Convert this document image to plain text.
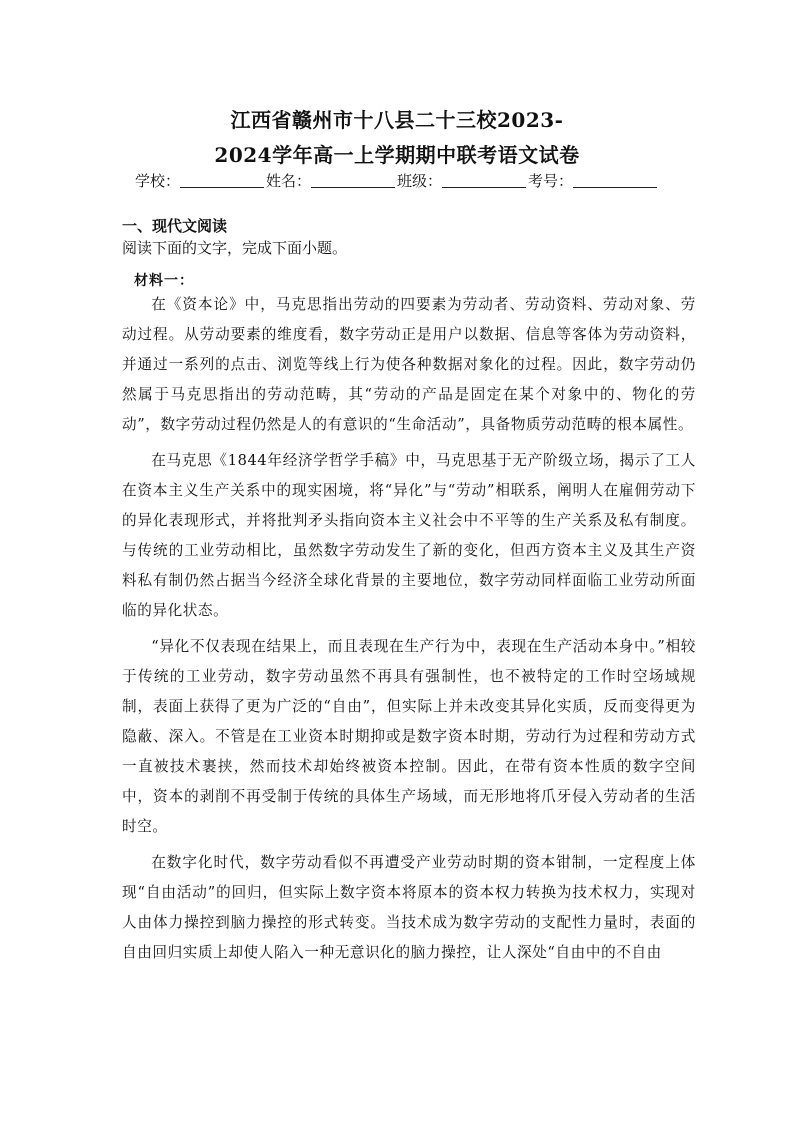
江西省赣州市十八县二十三校2023-
2024学年高一上学期期中联考语文试卷
学校：	姓名：	班级：	考号：
一、现代文阅读
阅读下面的文字，完成下面小题。
材料一：

在《资本论》中，马克思指出劳动的四要素为劳动者、劳动资料、劳动对象、劳动过程。从劳动要素的维度看，数字劳动正是用户以数据、信息等客体为劳动资料，并通过一系列的点击、浏览等线上行为使各种数据对象化的过程。因此，数字劳动仍然属于马克思指出的劳动范畴，其“劳动的产品是固定在某个对象中的、物化的劳动”，数字劳动过程仍然是人的有意识的“生命活动”，具备物质劳动范畴的根本属性。

在马克思《1844年经济学哲学手稿》中，马克思基于无产阶级立场，揭示了工人在资本主义生产关系中的现实困境，将“异化”与“劳动”相联系，阐明人在雇佣劳动下的异化表现形式，并将批判矛头指向资本主义社会中不平等的生产关系及私有制度。与传统的工业劳动相比，虽然数字劳动发生了新的变化，但西方资本主义及其生产资料私有制仍然占据当今经济全球化背景的主要地位，数字劳动同样面临工业劳动所面临的异化状态。

“异化不仅表现在结果上，而且表现在生产行为中，表现在生产活动本身中。”相较于传统的工业劳动，数字劳动虽然不再具有强制性，也不被特定的工作时空场域规制，表面上获得了更为广泛的“自由”，但实际上并未改变其异化实质，反而变得更为隐蔽、深入。不管是在工业资本时期抑或是数字资本时期，劳动行为过程和劳动方式一直被技术裹挟，然而技术却始终被资本控制。因此，在带有资本性质的数字空间中，资本的剥削不再受制于传统的具体生产场域，而无形地将爪牙侵入劳动者的生活时空。

在数字化时代，数字劳动看似不再遭受产业劳动时期的资本钳制，一定程度上体现“自由活动”的回归，但实际上数字资本将原本的资本权力转换为技术权力，实现对人由体力操控到脑力操控的形式转变。当技术成为数字劳动的支配性力量时，表面的自由回归实质上却使人陷入一种无意识化的脑力操控，让人深处“自由中的不自由
